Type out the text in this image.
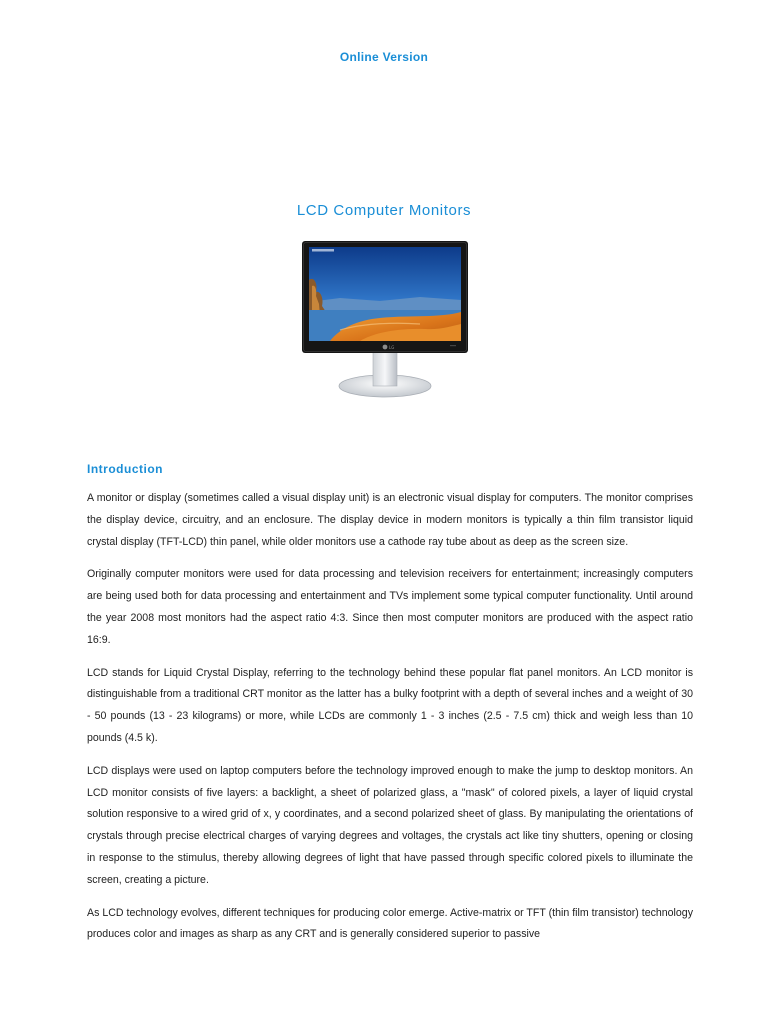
Online Version
LCD Computer Monitors
LG
Introduction

A monitor or display (sometimes called a visual display unit) is an electronic visual display for computers. The monitor comprises the display device, circuitry, and an enclosure. The display device in modern monitors is typically a thin film transistor liquid crystal display (TFT-LCD) thin panel, while older monitors use a cathode ray tube about as deep as the screen size.

Originally computer monitors were used for data processing and television receivers for entertainment; increasingly computers are being used both for data processing and entertainment and TVs implement some typical computer functionality. Until around the year 2008 most monitors had the aspect ratio 4:3. Since then most computer monitors are produced with the aspect ratio 16:9.

LCD stands for Liquid Crystal Display, referring to the technology behind these popular flat panel monitors. An LCD monitor is distinguishable from a traditional CRT monitor as the latter has a bulky footprint with a depth of several inches and a weight of 30 - 50 pounds (13 - 23 kilograms) or more, while LCDs are commonly 1 - 3 inches (2.5 - 7.5 cm) thick and weigh less than 10 pounds (4.5 k).

LCD displays were used on laptop computers before the technology improved enough to make the jump to desktop monitors. An LCD monitor consists of five layers: a backlight, a sheet of polarized glass, a "mask" of colored pixels, a layer of liquid crystal solution responsive to a wired grid of x, y coordinates, and a second polarized sheet of glass. By manipulating the orientations of crystals through precise electrical charges of varying degrees and voltages, the crystals act like tiny shutters, opening or closing in response to the stimulus, thereby allowing degrees of light that have passed through specific colored pixels to illuminate the screen, creating a picture.

As LCD technology evolves, different techniques for producing color emerge. Active-matrix or TFT (thin film transistor) technology produces color and images as sharp as any CRT and is generally considered superior to passive
